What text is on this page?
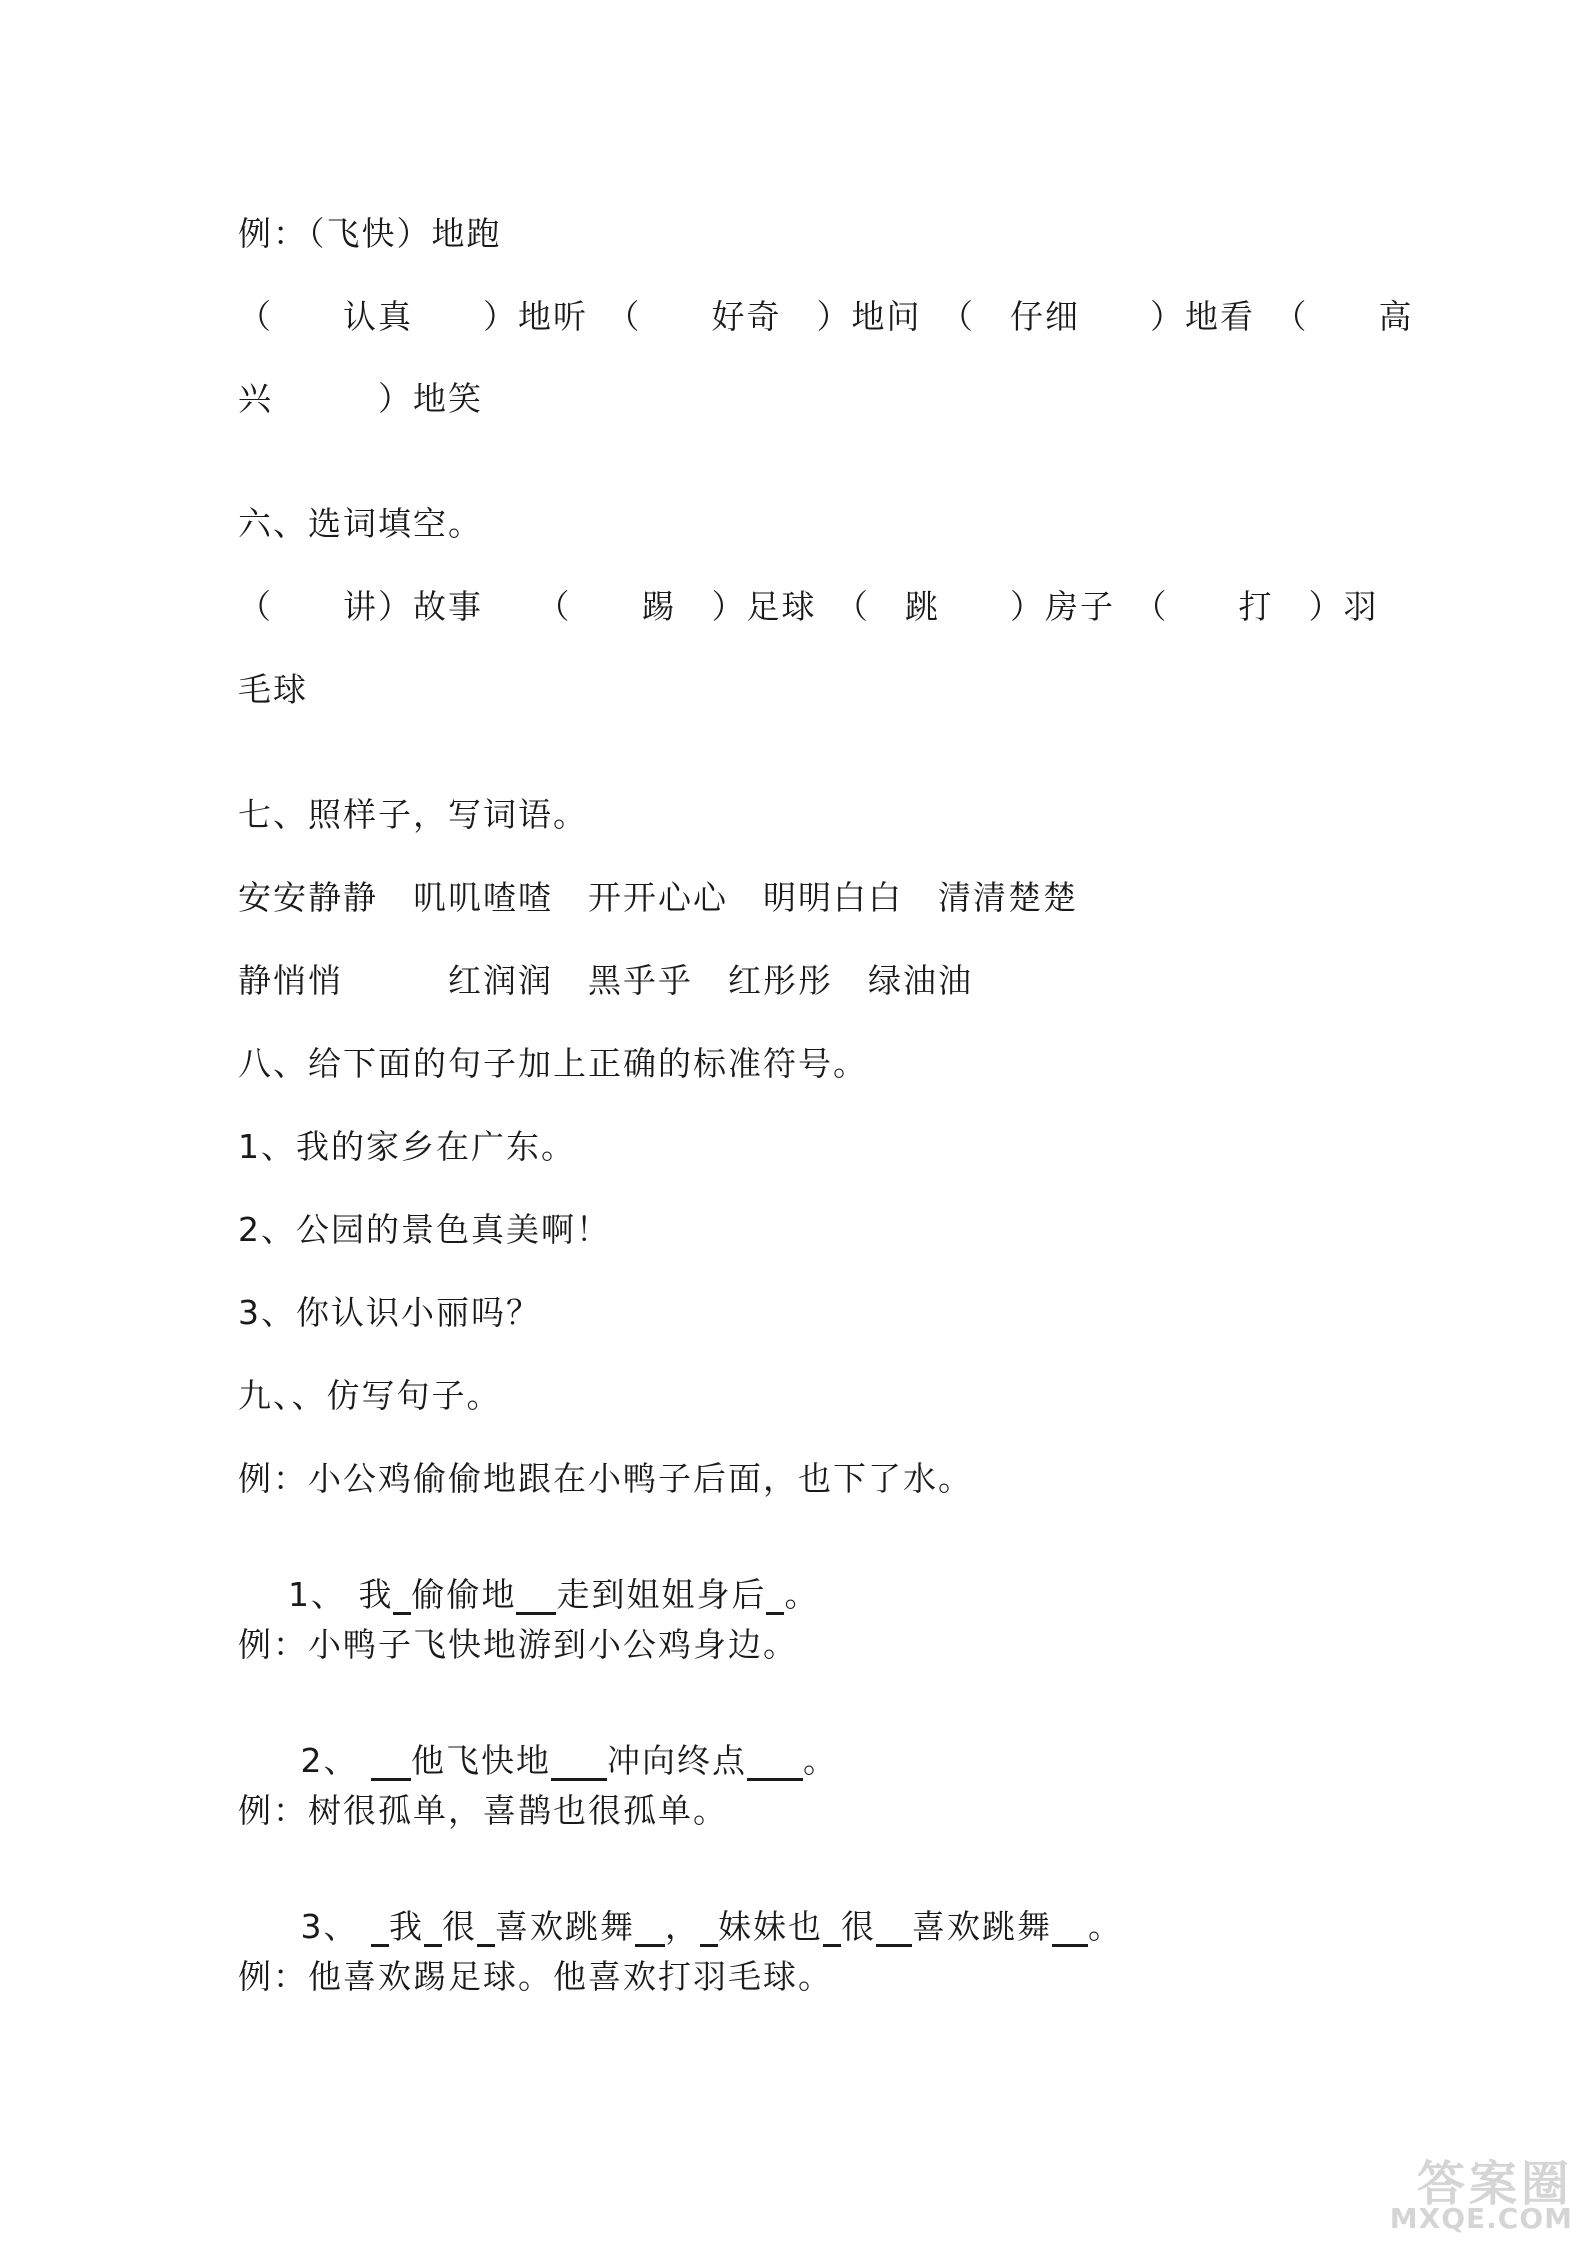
例：（飞快）地跑
（　　认真　　）地听　（　　好奇　）地问　（　仔细　　）地看　（　　高
兴　　　）地笑
六、选词填空。
（　　讲）故事　　（　　踢　）足球　（　跳　　）房子　（　　打　）羽
毛球
七、照样子，写词语。
安安静静　叽叽喳喳　开开心心　明明白白　清清楚楚
静悄悄　　　红润润　黑乎乎　红彤彤　绿油油
八、给下面的句子加上正确的标准符号。
1、我的家乡在广东。
2、公园的景色真美啊！
3、你认识小丽吗？
九、、仿写句子。
例：小公鸡偷偷地跟在小鸭子后面，也下了水。

1、 我 偷偷地 走到姐姐身后 。

例：小鸭子飞快地游到小公鸡身边。

2、 他飞快地 冲向终点 。

例：树很孤单，喜鹊也很孤单。

3、 我 很 喜欢跳舞 ， 妹妹也 很 喜欢跳舞 。

例：他喜欢踢足球。他喜欢打羽毛球。
答案圈
MXQE.COM
